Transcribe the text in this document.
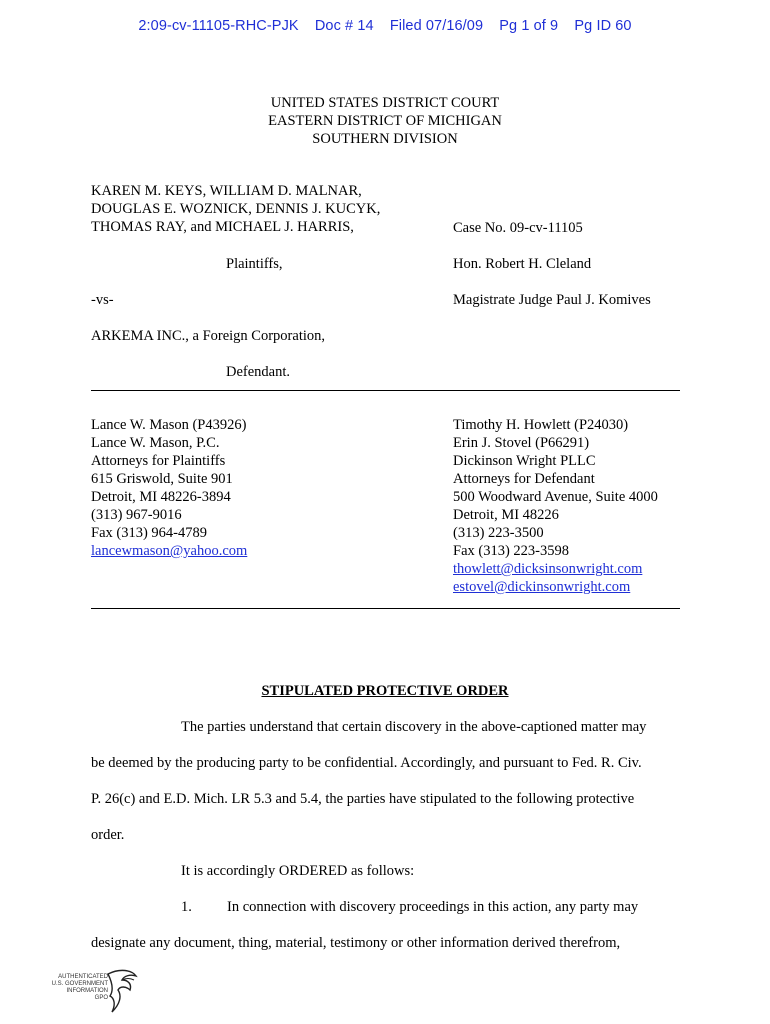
2:09-cv-11105-RHC-PJK Doc # 14 Filed 07/16/09 Pg 1 of 9 Pg ID 60
UNITED STATES DISTRICT COURT
EASTERN DISTRICT OF MICHIGAN
SOUTHERN DIVISION
KAREN M. KEYS, WILLIAM D. MALNAR,
DOUGLAS E. WOZNICK, DENNIS J. KUCYK,
THOMAS RAY, and MICHAEL J. HARRIS,
Plaintiffs,
-vs-
ARKEMA INC., a Foreign Corporation,
Defendant.
Case No. 09-cv-11105
Hon. Robert H. Cleland
Magistrate Judge Paul J. Komives
Lance W. Mason (P43926)
Lance W. Mason, P.C.
Attorneys for Plaintiffs
615 Griswold, Suite 901
Detroit, MI 48226-3894
(313) 967-9016
Fax (313) 964-4789
lancewmason@yahoo.com
Timothy H. Howlett (P24030)
Erin J. Stovel (P66291)
Dickinson Wright PLLC
Attorneys for Defendant
500 Woodward Avenue, Suite 4000
Detroit, MI 48226
(313) 223-3500
Fax (313) 223-3598
thowlett@dicksinsonwright.com
estovel@dickinsonwright.com
STIPULATED PROTECTIVE ORDER
The parties understand that certain discovery in the above-captioned matter may
be deemed by the producing party to be confidential. Accordingly, and pursuant to Fed. R. Civ.
P. 26(c) and E.D. Mich. LR 5.3 and 5.4, the parties have stipulated to the following protective
order.
It is accordingly ORDERED as follows:
1. In connection with discovery proceedings in this action, any party may
designate any document, thing, material, testimony or other information derived therefrom,
AUTHENTICATED
U.S. GOVERNMENT
INFORMATION
GPO
